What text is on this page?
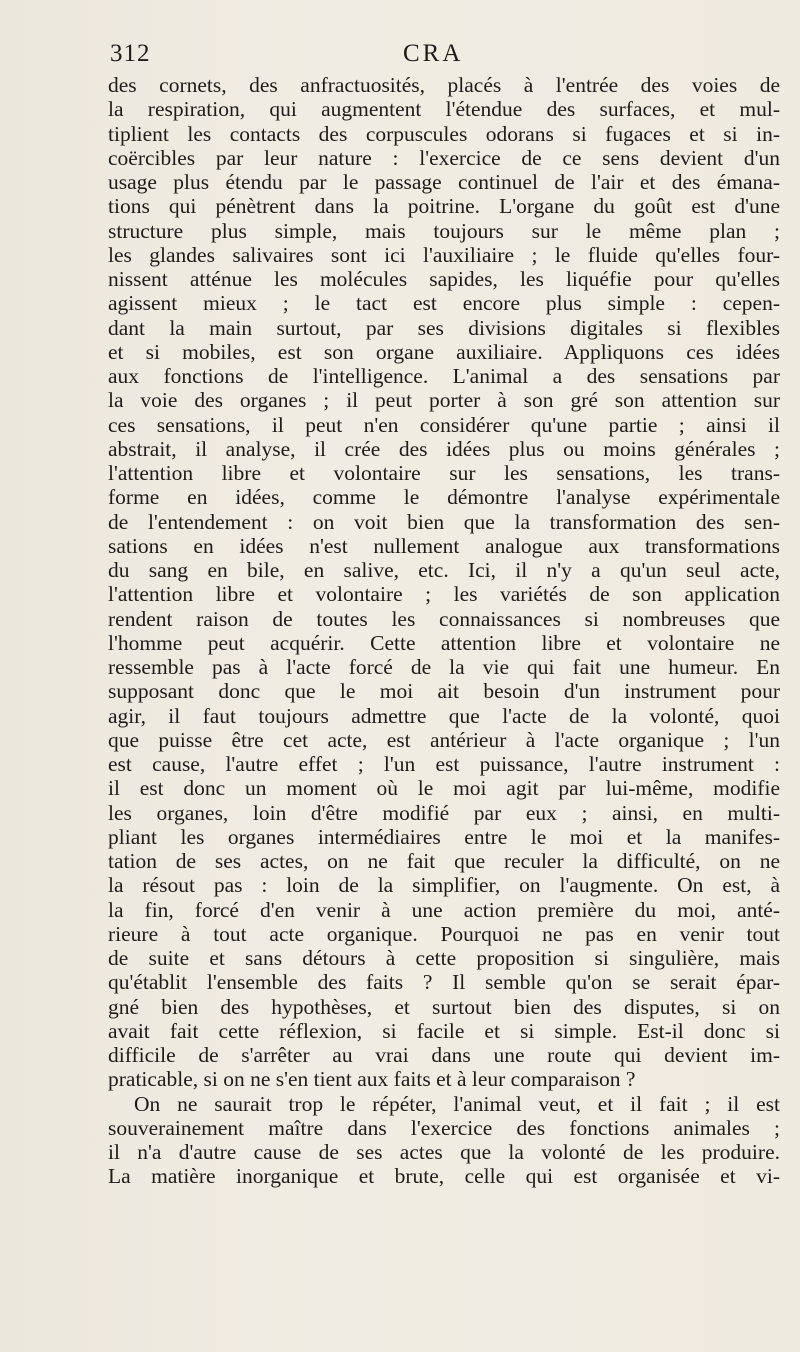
312	CRA
des cornets, des anfractuosités, placés à l'entrée des voies de
la respiration, qui augmentent l'étendue des surfaces, et mul-
tiplient les contacts des corpuscules odorans si fugaces et si in-
coërcibles par leur nature : l'exercice de ce sens devient d'un
usage plus étendu par le passage continuel de l'air et des émana-
tions qui pénètrent dans la poitrine. L'organe du goût est d'une
structure plus simple, mais toujours sur le même plan ;
les glandes salivaires sont ici l'auxiliaire ; le fluide qu'elles four-
nissent atténue les molécules sapides, les liquéfie pour qu'elles
agissent mieux ; le tact est encore plus simple : cepen-
dant la main surtout, par ses divisions digitales si flexibles
et si mobiles, est son organe auxiliaire. Appliquons ces idées
aux fonctions de l'intelligence. L'animal a des sensations par
la voie des organes ; il peut porter à son gré son attention sur
ces sensations, il peut n'en considérer qu'une partie ; ainsi il
abstrait, il analyse, il crée des idées plus ou moins générales ;
l'attention libre et volontaire sur les sensations, les trans-
forme en idées, comme le démontre l'analyse expérimentale
de l'entendement : on voit bien que la transformation des sen-
sations en idées n'est nullement analogue aux transformations
du sang en bile, en salive, etc. Ici, il n'y a qu'un seul acte,
l'attention libre et volontaire ; les variétés de son application
rendent raison de toutes les connaissances si nombreuses que
l'homme peut acquérir. Cette attention libre et volontaire ne
ressemble pas à l'acte forcé de la vie qui fait une humeur. En
supposant donc que le moi ait besoin d'un instrument pour
agir, il faut toujours admettre que l'acte de la volonté, quoi
que puisse être cet acte, est antérieur à l'acte organique ; l'un
est cause, l'autre effet ; l'un est puissance, l'autre instrument :
il est donc un moment où le moi agit par lui-même, modifie
les organes, loin d'être modifié par eux ; ainsi, en multi-
pliant les organes intermédiaires entre le moi et la manifes-
tation de ses actes, on ne fait que reculer la difficulté, on ne
la résout pas : loin de la simplifier, on l'augmente. On est, à
la fin, forcé d'en venir à une action première du moi, anté-
rieure à tout acte organique. Pourquoi ne pas en venir tout
de suite et sans détours à cette proposition si singulière, mais
qu'établit l'ensemble des faits ? Il semble qu'on se serait épar-
gné bien des hypothèses, et surtout bien des disputes, si on
avait fait cette réflexion, si facile et si simple. Est-il donc si
difficile de s'arrêter au vrai dans une route qui devient im-
praticable, si on ne s'en tient aux faits et à leur comparaison ?
On ne saurait trop le répéter, l'animal veut, et il fait ; il est
souverainement maître dans l'exercice des fonctions animales ;
il n'a d'autre cause de ses actes que la volonté de les produire.
La matière inorganique et brute, celle qui est organisée et vi-
